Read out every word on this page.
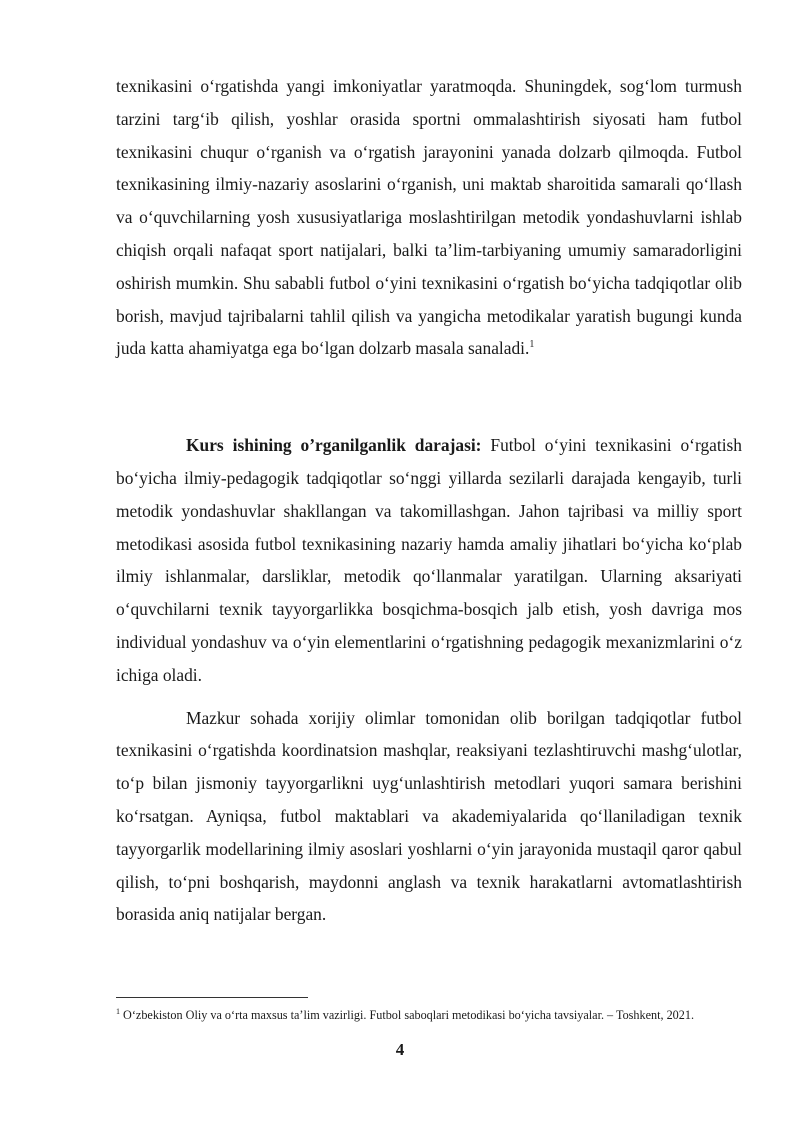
texnikasini o‘rgatishda yangi imkoniyatlar yaratmoqda. Shuningdek, sog‘lom turmush tarzini targ‘ib qilish, yoshlar orasida sportni ommalashtirish siyosati ham futbol texnikasini chuqur o‘rganish va o‘rgatish jarayonini yanada dolzarb qilmoqda. Futbol texnikasining ilmiy-nazariy asoslarini o‘rganish, uni maktab sharoitida samarali qo‘llash va o‘quvchilarning yosh xususiyatlariga moslashtirilgan metodik yondashuvlarni ishlab chiqish orqali nafaqat sport natijalari, balki ta’lim-tarbiyaning umumiy samaradorligini oshirish mumkin. Shu sababli futbol o‘yini texnikasini o‘rgatish bo‘yicha tadqiqotlar olib borish, mavjud tajribalarni tahlil qilish va yangicha metodikalar yaratish bugungi kunda juda katta ahamiyatga ega bo‘lgan dolzarb masala sanaladi.$^1$

Kurs ishining o’rganilganlik darajasi: Futbol o‘yini texnikasini o‘rgatish bo‘yicha ilmiy-pedagogik tadqiqotlar so‘nggi yillarda sezilarli darajada kengayib, turli metodik yondashuvlar shakllangan va takomillashgan. Jahon tajribasi va milliy sport metodikasi asosida futbol texnikasining nazariy hamda amaliy jihatlari bo‘yicha ko‘plab ilmiy ishlanmalar, darsliklar, metodik qo‘llanmalar yaratilgan. Ularning aksariyati o‘quvchilarni texnik tayyorgarlikka bosqichma-bosqich jalb etish, yosh davriga mos individual yondashuv va o‘yin elementlarini o‘rgatishning pedagogik mexanizmlarini o‘z ichiga oladi.

Mazkur sohada xorijiy olimlar tomonidan olib borilgan tadqiqotlar futbol texnikasini o‘rgatishda koordinatsion mashqlar, reaksiyani tezlashtiruvchi mashg‘ulotlar, to‘p bilan jismoniy tayyorgarlikni uyg‘unlashtirish metodlari yuqori samara berishini ko‘rsatgan. Ayniqsa, futbol maktablari va akademiyalarida qo‘llaniladigan texnik tayyorgarlik modellarining ilmiy asoslari yoshlarni o‘yin jarayonida mustaqil qaror qabul qilish, to‘pni boshqarish, maydonni anglash va texnik harakatlarni avtomatlashtirish borasida aniq natijalar bergan.

$^1$ O‘zbekiston Oliy va o‘rta maxsus ta’lim vazirligi. Futbol saboqlari metodikasi bo‘yicha tavsiyalar. – Toshkent, 2021.

4
